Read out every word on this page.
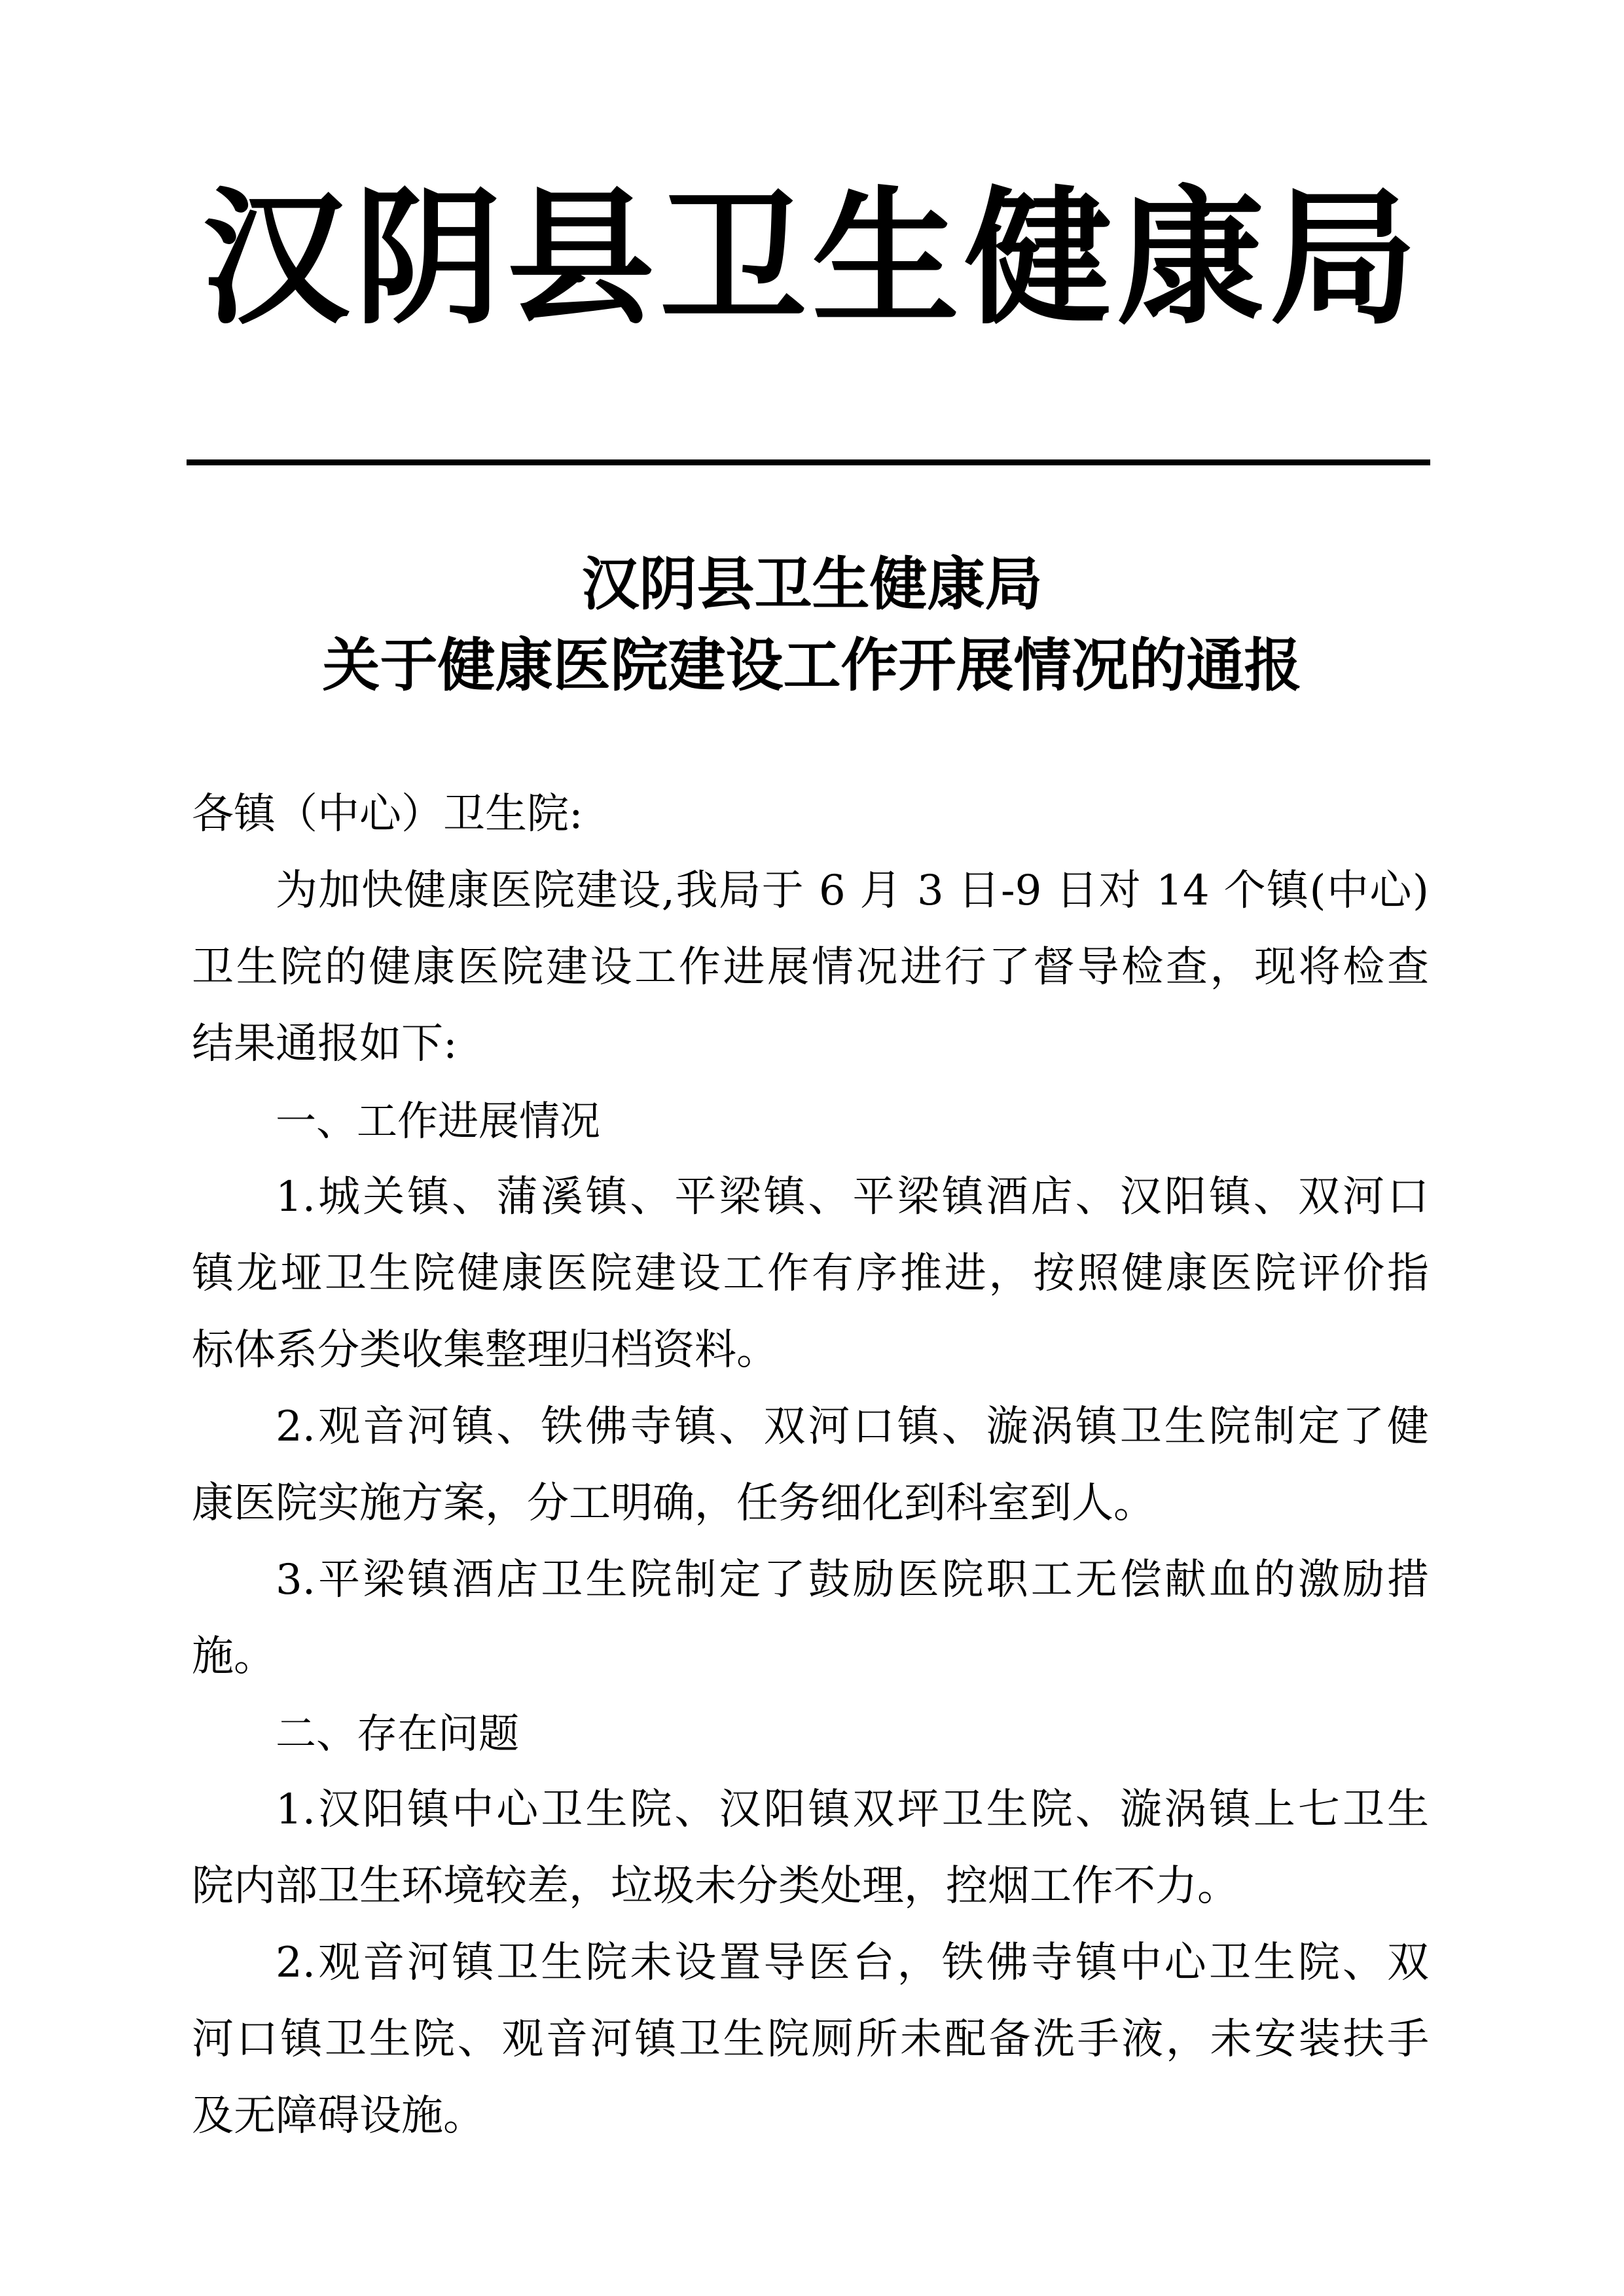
汉阴县卫生健康局
汉阴县卫生健康局
关于健康医院建设工作开展情况的通报
各镇（中心）卫生院:
为加快健康医院建设,我局于 6 月 3 日-9 日对 14 个镇(中心)
卫生院的健康医院建设工作进展情况进行了督导检查，现将检查
结果通报如下:
一、工作进展情况
1.城关镇、蒲溪镇、平梁镇、平梁镇酒店、汉阳镇、双河口
镇龙垭卫生院健康医院建设工作有序推进，按照健康医院评价指
标体系分类收集整理归档资料。
2.观音河镇、铁佛寺镇、双河口镇、漩涡镇卫生院制定了健
康医院实施方案，分工明确，任务细化到科室到人。
3.平梁镇酒店卫生院制定了鼓励医院职工无偿献血的激励措
施。
二、存在问题
1.汉阳镇中心卫生院、汉阳镇双坪卫生院、漩涡镇上七卫生
院内部卫生环境较差，垃圾未分类处理，控烟工作不力。
2.观音河镇卫生院未设置导医台，铁佛寺镇中心卫生院、双
河口镇卫生院、观音河镇卫生院厕所未配备洗手液，未安装扶手
及无障碍设施。
